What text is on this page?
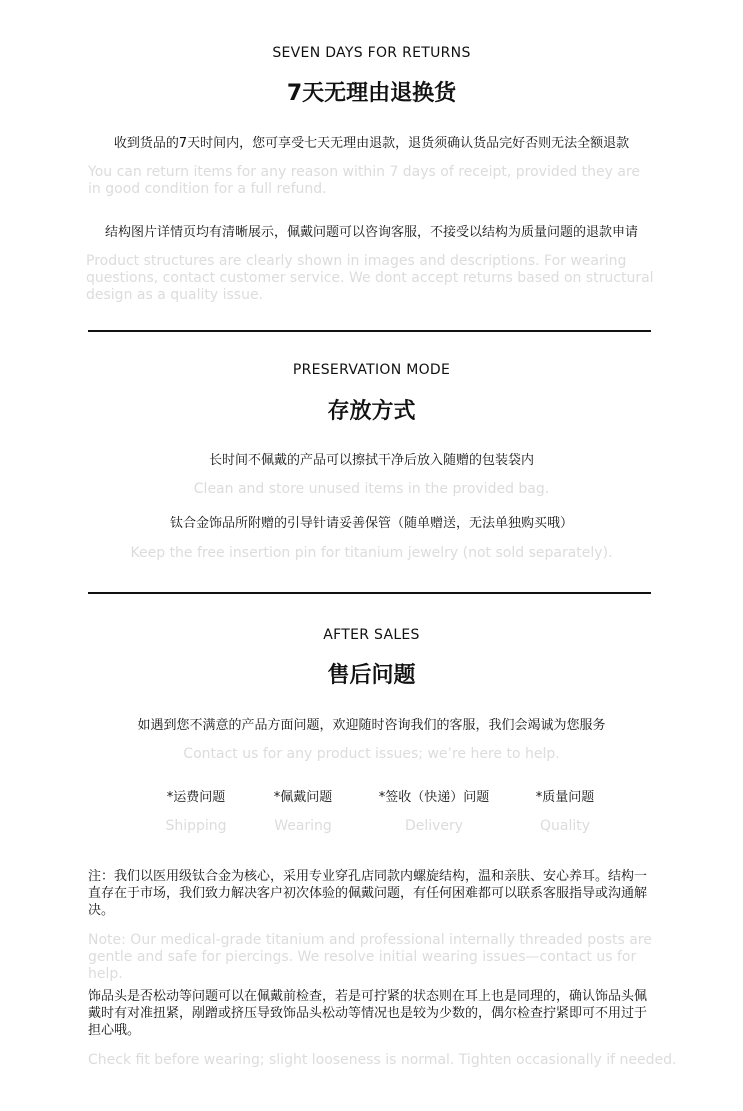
SEVEN DAYS FOR RETURNS
7天无理由退换货
收到货品的7天时间内，您可享受七天无理由退款，退货须确认货品完好否则无法全额退款
You can return items for any reason within 7 days of receipt, provided they are in good condition for a full refund.
结构图片详情页均有清晰展示，佩戴问题可以咨询客服，不接受以结构为质量问题的退款申请
Product structures are clearly shown in images and descriptions. For wearing questions, contact customer service. We dont accept returns based on structural design as a quality issue.
PRESERVATION MODE
存放方式
长时间不佩戴的产品可以擦拭干净后放入随赠的包装袋内
Clean and store unused items in the provided bag.
钛合金饰品所附赠的引导针请妥善保管（随单赠送，无法单独购买哦）
Keep the free insertion pin for titanium jewelry (not sold separately).
AFTER SALES
售后问题
如遇到您不满意的产品方面问题，欢迎随时咨询我们的客服，我们会竭诚为您服务
Contact us for any product issues; we’re here to help.
*运费问题
Shipping
*佩戴问题
Wearing
*签收（快递）问题
Delivery
*质量问题
Quality
注：我们以医用级钛合金为核心，采用专业穿孔店同款内螺旋结构，温和亲肤、安心养耳。结构一直存在于市场，我们致力解决客户初次体验的佩戴问题，有任何困难都可以联系客服指导或沟通解决。
Note: Our medical-grade titanium and professional internally threaded posts are gentle and safe for piercings. We resolve initial wearing issues—contact us for help.
饰品头是否松动等问题可以在佩戴前检查，若是可拧紧的状态则在耳上也是同理的，确认饰品头佩戴时有对准扭紧，剐蹭或挤压导致饰品头松动等情况也是较为少数的，偶尔检查拧紧即可不用过于担心哦。
Check fit before wearing; slight looseness is normal. Tighten occasionally if needed.
